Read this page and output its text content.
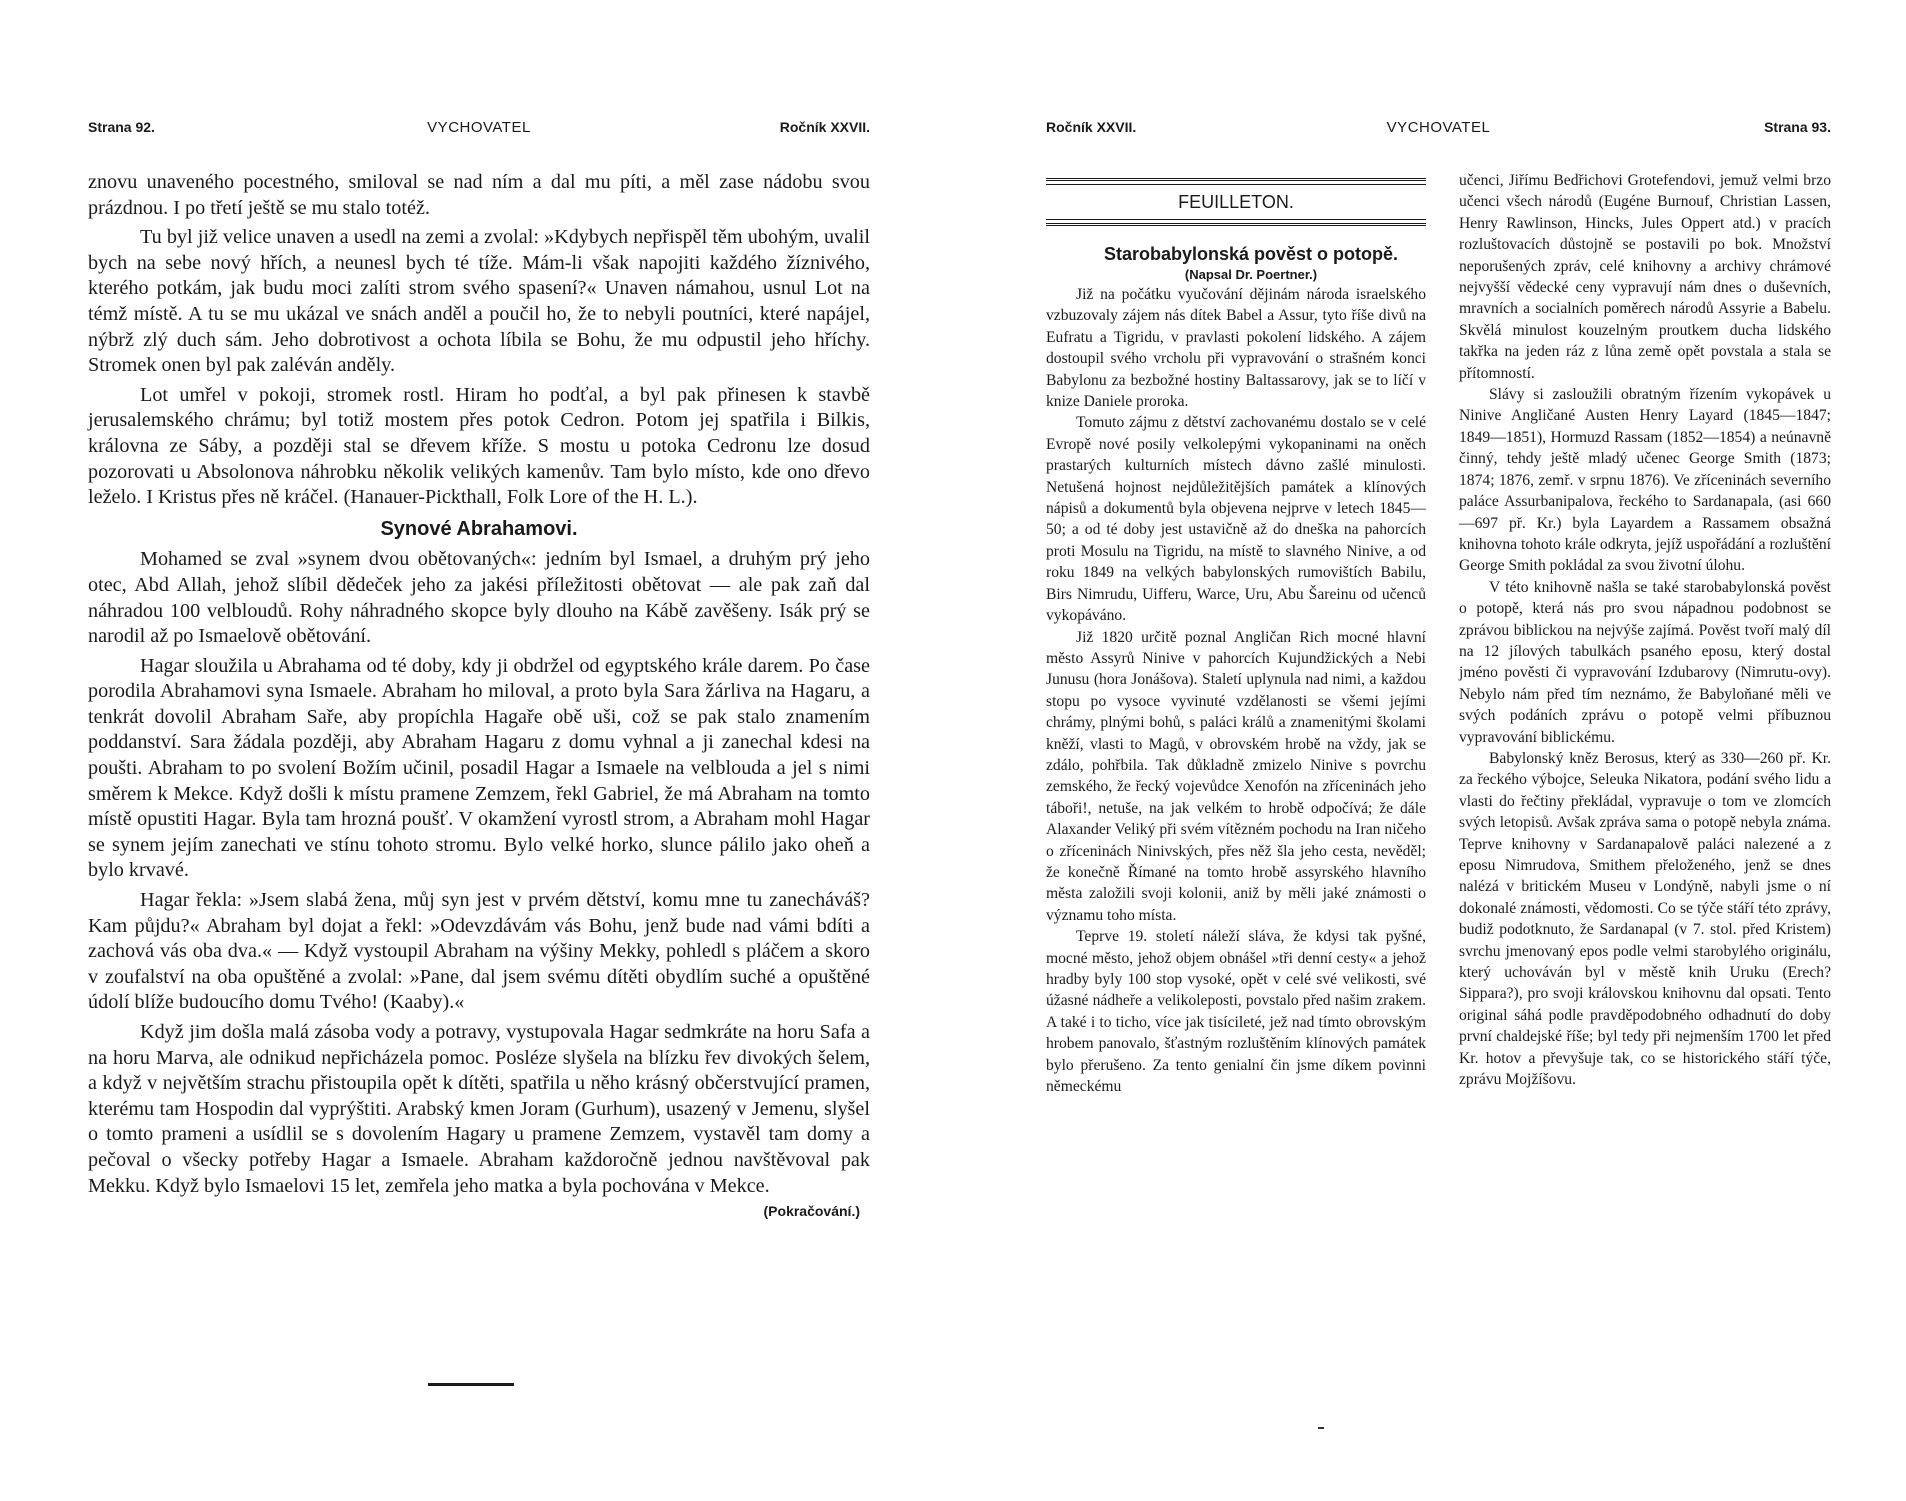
Strana 92.	VYCHOVATEL	Ročník XXVII.

znovu unaveného pocestného, smiloval se nad ním a dal mu píti, a měl zase nádobu svou prázdnou. I po třetí ještě se mu stalo totéž.

Tu byl již velice unaven a usedl na zemi a zvolal: »Kdybych nepřispěl těm ubohým, uvalil bych na sebe nový hřích, a neunesl bych té tíže. Mám-li však napojiti každého žíznivého, kterého potkám, jak budu moci zalíti strom svého spasení?« Unaven námahou, usnul Lot na témž místě. A tu se mu ukázal ve snách anděl a poučil ho, že to nebyli poutníci, které napájel, nýbrž zlý duch sám. Jeho dobrotivost a ochota líbila se Bohu, že mu odpustil jeho hříchy. Stromek onen byl pak zaléván anděly.

Lot umřel v pokoji, stromek rostl. Hiram ho podťal, a byl pak přinesen k stavbě jerusalemského chrámu; byl totiž mostem přes potok Cedron. Potom jej spatřila i Bilkis, královna ze Sáby, a později stal se dřevem kříže. S mostu u potoka Cedronu lze dosud pozorovati u Absolonova náhrobku několik velikých kamenův. Tam bylo místo, kde ono dřevo leželo. I Kristus přes ně kráčel. (Hanauer-Pickthall, Folk Lore of the H. L.).

Synové Abrahamovi.

Mohamed se zval »synem dvou obětovaných«: jedním byl Ismael, a druhým prý jeho otec, Abd Allah, jehož slíbil dědeček jeho za jakési příležitosti obětovat — ale pak zaň dal náhradou 100 velbloudů. Rohy náhradného skopce byly dlouho na Kábě zavěšeny. Isák prý se narodil až po Ismaelově obětování.

Hagar sloužila u Abrahama od té doby, kdy ji obdržel od egyptského krále darem. Po čase porodila Abrahamovi syna Ismaele. Abraham ho miloval, a proto byla Sara žárliva na Hagaru, a tenkrát dovolil Abraham Saře, aby propíchla Hagaře obě uši, což se pak stalo znamením poddanství. Sara žádala později, aby Abraham Hagaru z domu vyhnal a ji zanechal kdesi na poušti. Abraham to po svolení Božím učinil, posadil Hagar a Ismaele na velblouda a jel s nimi směrem k Mekce. Když došli k místu pramene Zemzem, řekl Gabriel, že má Abraham na tomto místě opustiti Hagar. Byla tam hrozná poušť. V okamžení vyrostl strom, a Abraham mohl Hagar se synem jejím zanechati ve stínu tohoto stromu. Bylo velké horko, slunce pálilo jako oheň a bylo krvavé.

Hagar řekla: »Jsem slabá žena, můj syn jest v prvém dětství, komu mne tu zanecháváš? Kam půjdu?« Abraham byl dojat a řekl: »Odevzdávám vás Bohu, jenž bude nad vámi bdíti a zachová vás oba dva.« — Když vystoupil Abraham na výšiny Mekky, pohledl s pláčem a skoro v zoufalství na oba opuštěné a zvolal: »Pane, dal jsem svému dítěti obydlím suché a opuštěné údolí blíže budoucího domu Tvého! (Kaaby).«

Když jim došla malá zásoba vody a potravy, vystupovala Hagar sedmkráte na horu Safa a na horu Marva, ale odnikud nepřicházela pomoc. Posléze slyšela na blízku řev divokých šelem, a když v největším strachu přistoupila opět k dítěti, spatřila u něho krásný občerstvující pramen, kterému tam Hospodin dal vyprýštiti. Arabský kmen Joram (Gurhum), usazený v Jemenu, slyšel o tomto prameni a usídlil se s dovolením Hagary u pramene Zemzem, vystavěl tam domy a pečoval o všecky potřeby Hagar a Ismaele. Abraham každoročně jednou navštěvoval pak Mekku. Když bylo Ismaelovi 15 let, zemřela jeho matka a byla pochována v Mekce.
(Pokračování.)

Ročník XXVII.	VYCHOVATEL	Strana 93.
FEUILLETON.

Starobabylonská pověst o potopě.

(Napsal Dr. Poertner.)

Již na počátku vyučování dějinám národa israelského vzbuzovaly zájem nás dítek Babel a Assur, tyto říše divů na Eufratu a Tigridu, v pravlasti pokolení lidského. A zájem dostoupil svého vrcholu při vypravování o strašném konci Babylonu za bezbožné hostiny Baltassarovy, jak se to líčí v knize Daniele proroka.

Tomuto zájmu z dětství zachovanému dostalo se v celé Evropě nové posily velkolepými vykopaninami na oněch prastarých kulturních místech dávno zašlé minulosti. Netušená hojnost nejdůležitějších památek a klínových nápisů a dokumentů byla objevena nejprve v letech 1845—50; a od té doby jest ustavičně až do dneška na pahorcích proti Mosulu na Tigridu, na místě to slavného Ninive, a od roku 1849 na velkých babylonských rumovištích Babilu, Birs Nimrudu, Uifferu, Warce, Uru, Abu Šareinu od učenců vykopáváno.

Již 1820 určitě poznal Angličan Rich mocné hlavní město Assyrů Ninive v pahorcích Kujundžických a Nebi Junusu (hora Jonášova). Staletí uplynula nad nimi, a každou stopu po vysoce vyvinuté vzdělanosti se všemi jejími chrámy, plnými bohů, s paláci králů a znamenitými školami kněží, vlasti to Magů, v obrovském hrobě na vždy, jak se zdálo, pohřbila. Tak důkladně zmizelo Ninive s povrchu zemského, že řecký vojevůdce Xenofón na zříceninách jeho táboři!, netuše, na jak velkém to hrobě odpočívá; že dále Alaxander Veliký při svém vítězném pochodu na Iran ničeho o zříceninách Ninivských, přes něž šla jeho cesta, nevěděl; že konečně Římané na tomto hrobě assyrského hlavního města založili svoji kolonii, aniž by měli jaké známosti o významu toho místa.

Teprve 19. století náleží sláva, že kdysi tak pyšné, mocné město, jehož objem obnášel »tři denní cesty« a jehož hradby byly 100 stop vysoké, opět v celé své velikosti, své úžasné nádheře a velikoleposti, povstalo před našim zrakem. A také i to ticho, více jak tisícileté, jež nad tímto obrovským hrobem panovalo, šťastným rozluštěním klínových památek bylo přerušeno. Za tento genialní čin jsme díkem povinni německému

učenci, Jiřímu Bedřichovi Grotefendovi, jemuž velmi brzo učenci všech národů (Eugéne Burnouf, Christian Lassen, Henry Rawlinson, Hincks, Jules Oppert atd.) v pracích rozluštovacích důstojně se postavili po bok. Množství neporušených zpráv, celé knihovny a archivy chrámové nejvyšší vědecké ceny vypravují nám dnes o duševních, mravních a socialních poměrech národů Assyrie a Babelu. Skvělá minulost kouzelným proutkem ducha lidského takřka na jeden ráz z lůna země opět povstala a stala se přítomností.

Slávy si zasloužili obratným řízením vykopávek u Ninive Angličané Austen Henry Layard (1845—1847; 1849—1851), Hormuzd Rassam (1852—1854) a neúnavně činný, tehdy ještě mladý učenec George Smith (1873; 1874; 1876, zemř. v srpnu 1876). Ve zříceninách severního paláce Assurbanipalova, řeckého to Sardanapala, (asi 660—697 př. Kr.) byla Layardem a Rassamem obsažná knihovna tohoto krále odkryta, jejíž uspořádání a rozluštění George Smith pokládal za svou životní úlohu.

V této knihovně našla se také starobabylonská pověst o potopě, která nás pro svou nápadnou podobnost se zprávou biblickou na nejvýše zajímá. Pověst tvoří malý díl na 12 jílových tabulkách psaného eposu, který dostal jméno pověsti či vypravování Izdubarovy (Nimrutu-ovy). Nebylo nám před tím neznámo, že Babyloňané měli ve svých podáních zprávu o potopě velmi příbuznou vypravování biblickému.

Babylonský kněz Berosus, který as 330—260 př. Kr. za řeckého výbojce, Seleuka Nikatora, podání svého lidu a vlasti do řečtiny překládal, vypravuje o tom ve zlomcích svých letopisů. Avšak zpráva sama o potopě nebyla známa. Teprve knihovny v Sardanapalově paláci nalezené a z eposu Nimrudova, Smithem přeloženého, jenž se dnes nalézá v britickém Museu v Londýně, nabyli jsme o ní dokonalé známosti, vědomosti. Co se týče stáří této zprávy, budiž podotknuto, že Sardanapal (v 7. stol. před Kristem) svrchu jmenovaný epos podle velmi starobylého originálu, který uchováván byl v městě knih Uruku (Erech? Sippara?), pro svoji královskou knihovnu dal opsati. Tento original sáhá podle pravděpodobného odhadnutí do doby první chaldejské říše; byl tedy při nejmenším 1700 let před Kr. hotov a převyšuje tak, co se historického stáří týče, zprávu Mojžíšovu.
